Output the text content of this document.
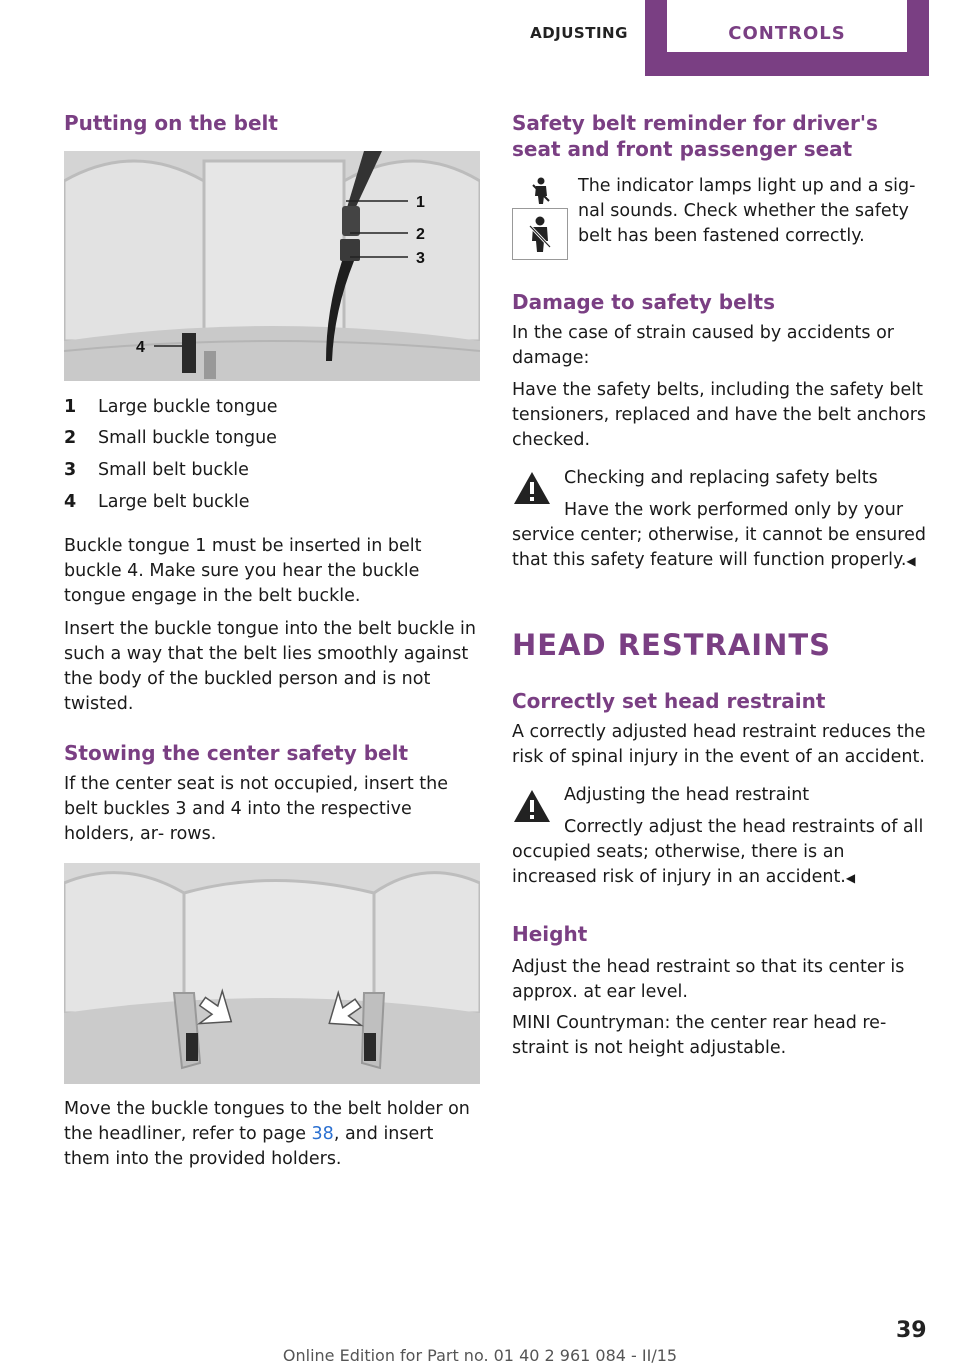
ADJUSTING	CONTROLS
Putting on the belt
1
2
3
4
1	Large buckle tongue
2	Small buckle tongue
3	Small belt buckle
4	Large belt buckle

Buckle tongue 1 must be inserted in belt buckle 4. Make sure you hear the buckle tongue engage in the belt buckle.

Insert the buckle tongue into the belt buckle in such a way that the belt lies smoothly against the body of the buckled person and is not twisted.

Stowing the center safety belt

If the center seat is not occupied, insert the belt buckles 3 and 4 into the respective holders, ar‐ rows.

Move the buckle tongues to the belt holder on the headliner, refer to page 38, and insert them into the provided holders.

Safety belt reminder for driver's seat and front passenger seat

The indicator lamps light up and a sig‐ nal sounds. Check whether the safety belt has been fastened correctly.

Damage to safety belts

In the case of strain caused by accidents or damage:

Have the safety belts, including the safety belt tensioners, replaced and have the belt anchors checked.

Checking and replacing safety belts

Have the work performed only by your service center; otherwise, it cannot be ensured that this safety feature will function properly.◀

HEAD RESTRAINTS
Correctly set head restraint

A correctly adjusted head restraint reduces the risk of spinal injury in the event of an accident.

Adjusting the head restraint

Correctly adjust the head restraints of all occupied seats; otherwise, there is an increased risk of injury in an accident.◀

Height

Adjust the head restraint so that its center is approx. at ear level.

MINI Countryman: the center rear head re‐ straint is not height adjustable.

39
Online Edition for Part no. 01 40 2 961 084 - II/15
